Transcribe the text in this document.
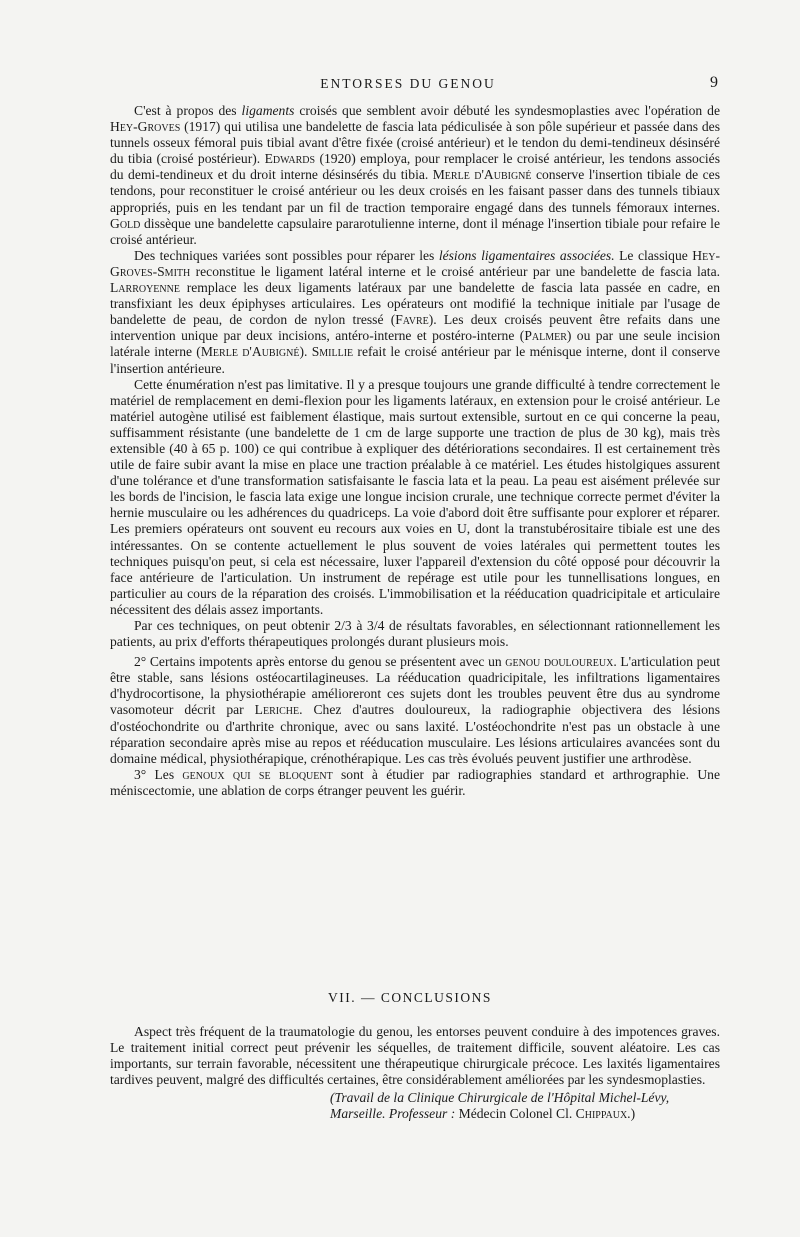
ENTORSES DU GENOU	9

C'est à propos des ligaments croisés que semblent avoir débuté les syndesmoplasties avec l'opération de Hey-Groves (1917) qui utilisa une bandelette de fascia lata pédiculisée à son pôle supérieur et passée dans des tunnels osseux fémoral puis tibial avant d'être fixée (croisé antérieur) et le tendon du demi-tendineux désinséré du tibia (croisé postérieur). Edwards (1920) employa, pour remplacer le croisé antérieur, les tendons associés du demi-tendineux et du droit interne désinsérés du tibia. Merle d'Aubigné conserve l'insertion tibiale de ces tendons, pour reconstituer le croisé antérieur ou les deux croisés en les faisant passer dans des tunnels tibiaux appropriés, puis en les tendant par un fil de traction temporaire engagé dans des tunnels fémoraux internes. Gold dissèque une bandelette capsulaire pararotulienne interne, dont il ménage l'insertion tibiale pour refaire le croisé antérieur.

Des techniques variées sont possibles pour réparer les lésions ligamentaires associées. Le classique Hey-Groves-Smith reconstitue le ligament latéral interne et le croisé antérieur par une bandelette de fascia lata. Larroyenne remplace les deux ligaments latéraux par une bandelette de fascia lata passée en cadre, en transfixiant les deux épiphyses articulaires. Les opérateurs ont modifié la technique initiale par l'usage de bandelette de peau, de cordon de nylon tressé (Favre). Les deux croisés peuvent être refaits dans une intervention unique par deux incisions, antéro-interne et postéro-interne (Palmer) ou par une seule incision latérale interne (Merle d'Aubigné). Smillie refait le croisé antérieur par le ménisque interne, dont il conserve l'insertion antérieure.

Cette énumération n'est pas limitative. Il y a presque toujours une grande difficulté à tendre correctement le matériel de remplacement en demi-flexion pour les ligaments latéraux, en extension pour le croisé antérieur. Le matériel autogène utilisé est faiblement élastique, mais surtout extensible, surtout en ce qui concerne la peau, suffisamment résistante (une bandelette de 1 cm de large supporte une traction de plus de 30 kg), mais très extensible (40 à 65 p. 100) ce qui contribue à expliquer des détériorations secondaires. Il est certainement très utile de faire subir avant la mise en place une traction préalable à ce matériel. Les études histolgiques assurent d'une tolérance et d'une transformation satisfaisante le fascia lata et la peau. La peau est aisément prélevée sur les bords de l'incision, le fascia lata exige une longue incision crurale, une technique correcte permet d'éviter la hernie musculaire ou les adhérences du quadriceps. La voie d'abord doit être suffisante pour explorer et réparer. Les premiers opérateurs ont souvent eu recours aux voies en U, dont la transtubérositaire tibiale est une des intéressantes. On se contente actuellement le plus souvent de voies latérales qui permettent toutes les techniques puisqu'on peut, si cela est nécessaire, luxer l'appareil d'extension du côté opposé pour découvrir la face antérieure de l'articulation. Un instrument de repérage est utile pour les tunnellisations longues, en particulier au cours de la réparation des croisés. L'immobilisation et la rééducation quadricipitale et articulaire nécessitent des délais assez importants.

Par ces techniques, on peut obtenir 2/3 à 3/4 de résultats favorables, en sélectionnant rationnellement les patients, au prix d'efforts thérapeutiques prolongés durant plusieurs mois.

2° Certains impotents après entorse du genou se présentent avec un genou douloureux. L'articulation peut être stable, sans lésions ostéocartilagineuses. La rééducation quadricipitale, les infiltrations ligamentaires d'hydrocortisone, la physiothérapie amélioreront ces sujets dont les troubles peuvent être dus au syndrome vasomoteur décrit par Leriche. Chez d'autres douloureux, la radiographie objectivera des lésions d'ostéochondrite ou d'arthrite chronique, avec ou sans laxité. L'ostéochondrite n'est pas un obstacle à une réparation secondaire après mise au repos et rééducation musculaire. Les lésions articulaires avancées sont du domaine médical, physiothérapique, crénothérapique. Les cas très évolués peuvent justifier une arthrodèse.

3° Les genoux qui se bloquent sont à étudier par radiographies standard et arthrographie. Une méniscectomie, une ablation de corps étranger peuvent les guérir.

VII. — CONCLUSIONS

Aspect très fréquent de la traumatologie du genou, les entorses peuvent conduire à des impotences graves. Le traitement initial correct peut prévenir les séquelles, de traitement difficile, souvent aléatoire. Les cas importants, sur terrain favorable, nécessitent une thérapeutique chirurgicale précoce. Les laxités ligamentaires tardives peuvent, malgré des difficultés certaines, être considérablement améliorées par les syndesmoplasties.

(Travail de la Clinique Chirurgicale de l'Hôpital Michel-Lévy, Marseille. Professeur : Médecin Colonel Cl. Chippaux.)
